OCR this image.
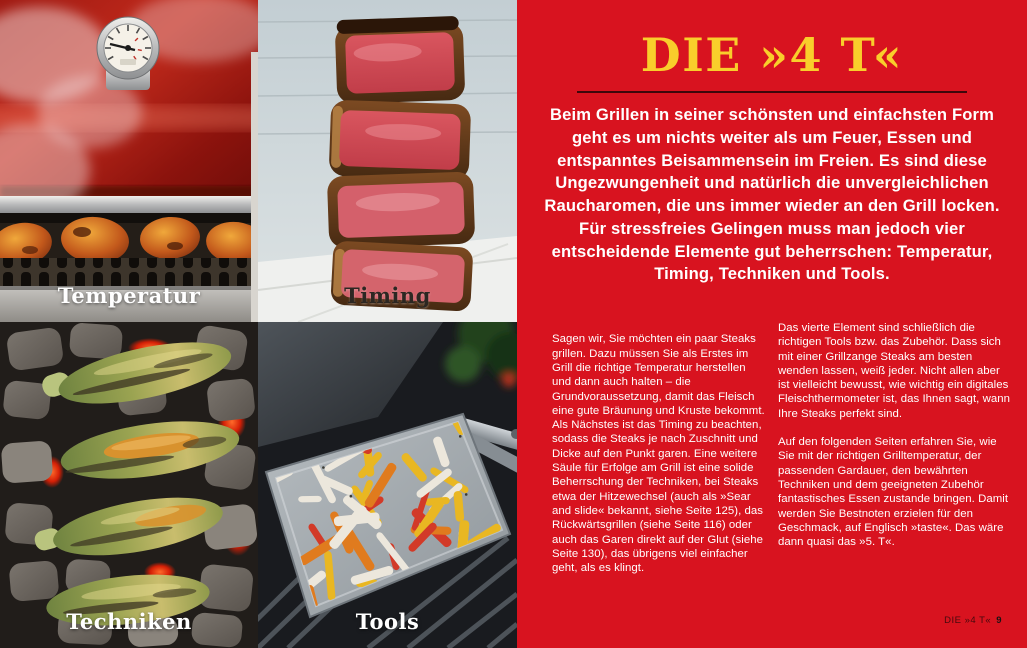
Temperatur	Timing
Techniken	Tools
DIE »4 T«

Beim Grillen in seiner schönsten und einfachsten Form geht es um nichts weiter als um Feuer, Essen und entspanntes Beisammensein im Freien. Es sind diese Ungezwungenheit und natürlich die unvergleichlichen Raucharomen, die uns immer wieder an den Grill locken. Für stressfreies Gelingen muss man jedoch vier entscheidende Elemente gut beherrschen: Temperatur, Timing, Techniken und Tools.

Sagen wir, Sie möchten ein paar Steaks grillen. Dazu müssen Sie als Erstes im Grill die richtige Temperatur herstellen und dann auch halten – die Grundvoraussetzung, damit das Fleisch eine gute Bräunung und Kruste bekommt. Als Nächstes ist das Timing zu beachten, sodass die Steaks je nach Zuschnitt und Dicke auf den Punkt garen. Eine weitere Säule für Erfolge am Grill ist eine solide Beherrschung der Techniken, bei Steaks etwa der Hitzewechsel (auch als »Sear and slide« bekannt, siehe Seite 125), das Rückwärtsgrillen (siehe Seite 116) oder auch das Garen direkt auf der Glut (siehe Seite 130), das übrigens viel einfacher geht, als es klingt.

Das vierte Element sind schließlich die richtigen Tools bzw. das Zubehör. Dass sich mit einer Grillzange Steaks am besten wenden lassen, weiß jeder. Nicht allen aber ist vielleicht bewusst, wie wichtig ein digitales Fleischthermometer ist, das Ihnen sagt, wann Ihre Steaks perfekt sind.

Auf den folgenden Seiten erfahren Sie, wie Sie mit der richtigen Grilltemperatur, der passenden Gardauer, den bewährten Techniken und dem geeigneten Zubehör fantastisches Essen zustande bringen. Damit werden Sie Bestnoten erzielen für den Geschmack, auf Englisch »taste«. Das wäre dann quasi das »5. T«.

DIE »4 T« 9
